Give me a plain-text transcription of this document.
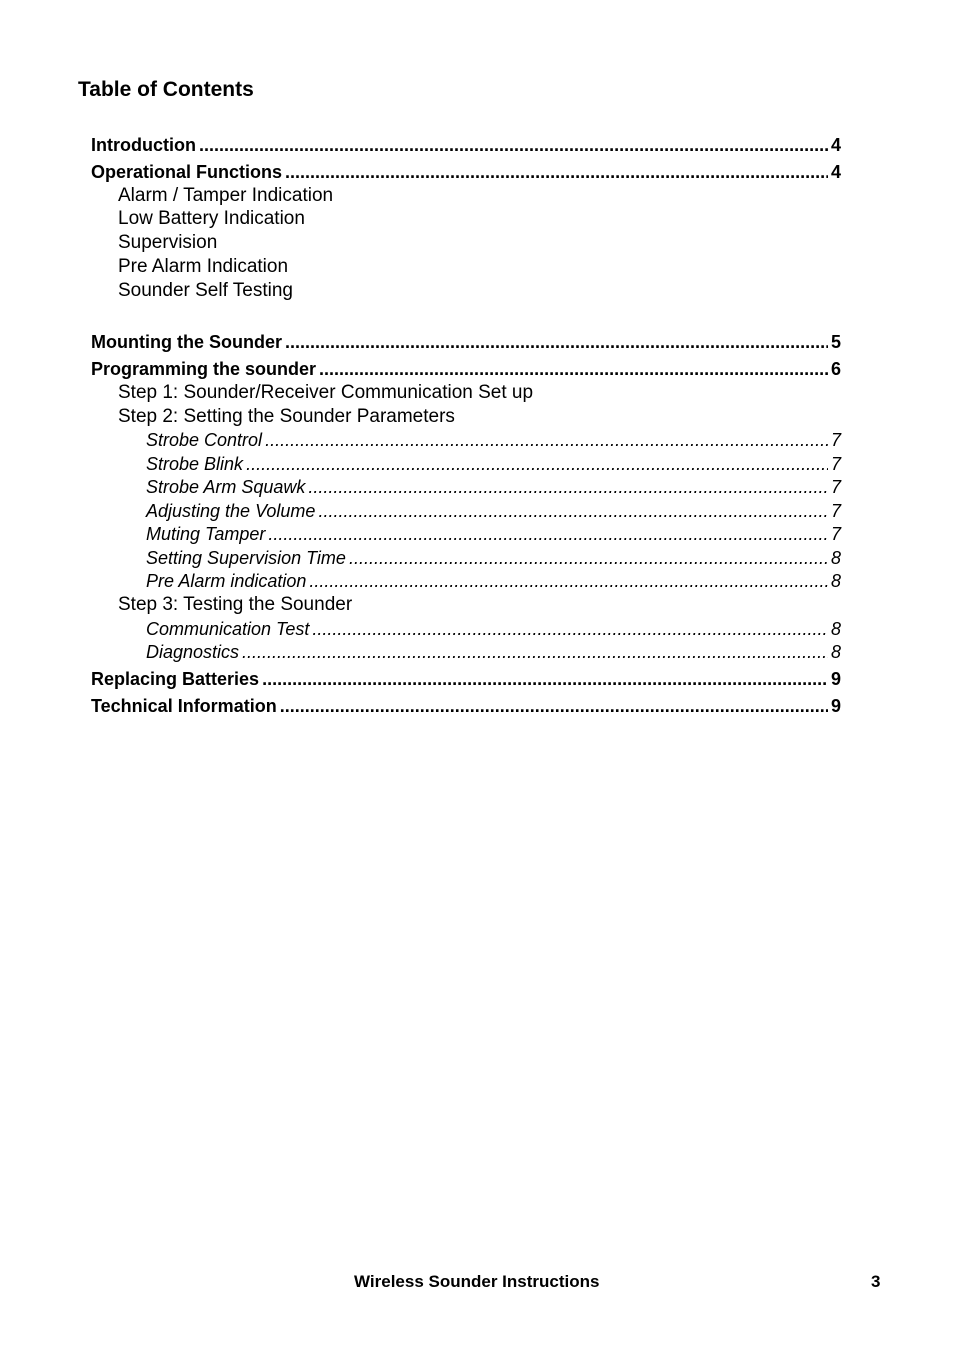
Table of Contents
Introduction .....	4
Operational Functions .....	4
Alarm / Tamper Indication
Low Battery Indication
Supervision
Pre Alarm Indication
Sounder Self Testing
Mounting the Sounder .....	5
Programming the sounder .....	6
Step 1: Sounder/Receiver Communication Set up
Step 2: Setting the Sounder Parameters
Strobe Control .....	7
Strobe Blink .....	7
Strobe Arm Squawk .....	7
Adjusting the Volume .....	7
Muting Tamper .....	7
Setting Supervision Time .....	8
Pre Alarm indication .....	8
Step 3: Testing the Sounder
Communication Test .....	8
Diagnostics .....	8
Replacing Batteries .....	9
Technical Information .....	9
Wireless Sounder Instructions	3
